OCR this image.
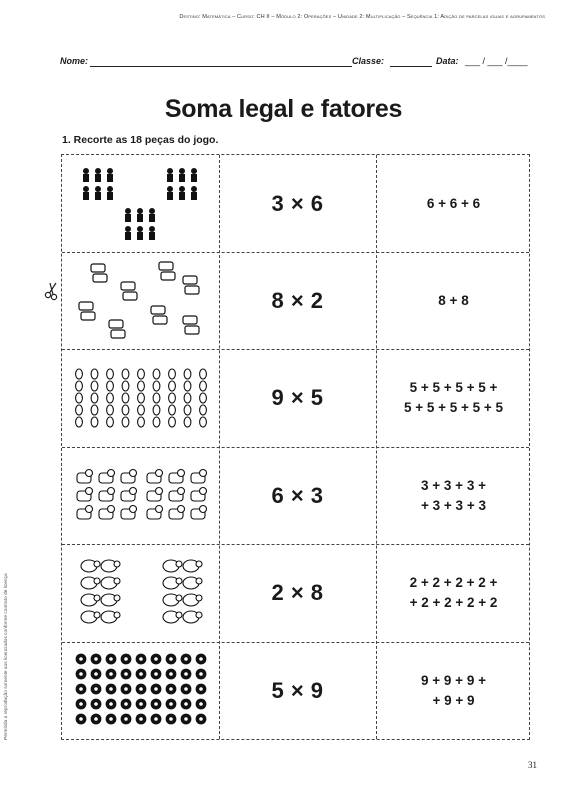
Destino: Matemática – Curso: CH II – Módulo 2: Operações – Unidade 2: Multiplicação – Sequência 1: Adição de parcelas iguais e agrupamentos
Nome:	Classe:	Data: ___ / ___ /____
Soma legal e fatores
1. Recorte as 18 peças do jogo.
3 × 6	6 + 6 + 6
8 × 2	8 + 8
9 × 5	5 + 5 + 5 + 5 +
5 + 5 + 5 + 5 + 5
6 × 3	3 + 3 + 3 +
+ 3 + 3 + 3
2 × 8	2 + 2 + 2 + 2 +
+ 2 + 2 + 2 + 2
5 × 9	9 + 9 + 9 +
+ 9 + 9
Permitida a reprodução somente aos licenciados conforme contrato de licença
31
